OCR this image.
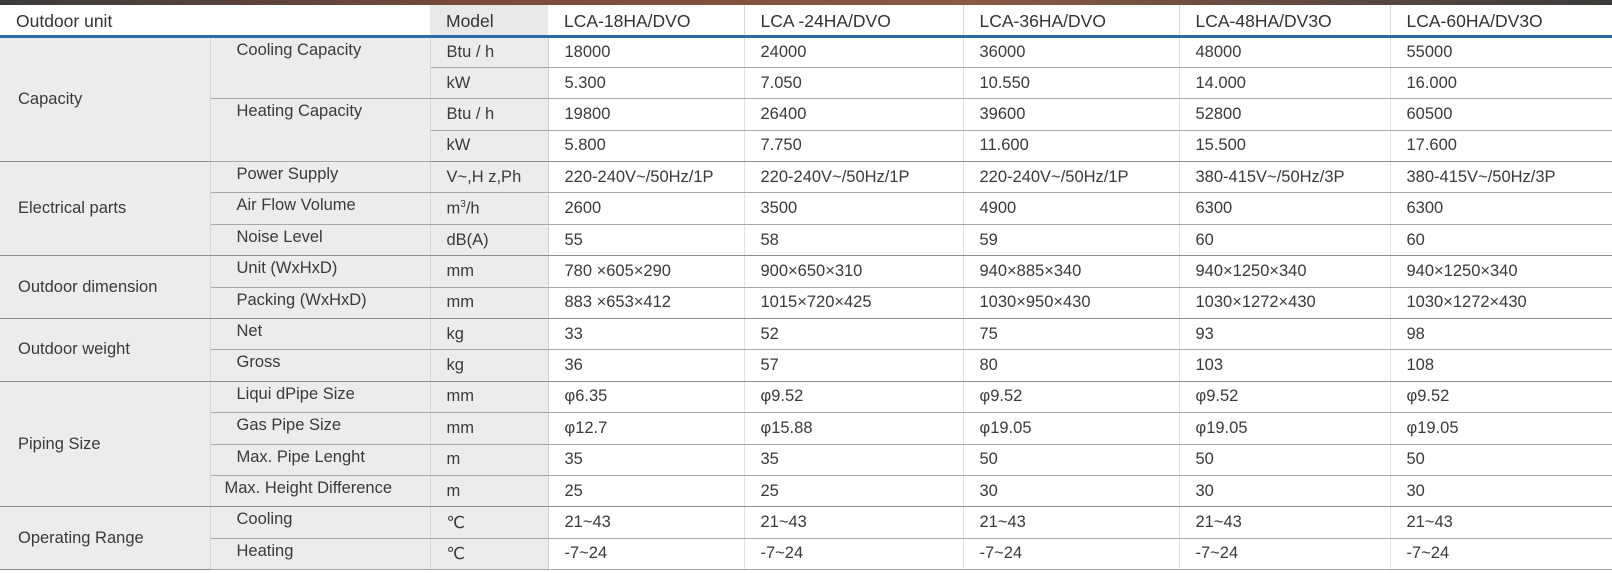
Outdoor unit		Model	LCA-18HA/DVO	LCA -24HA/DVO	LCA-36HA/DVO	LCA-48HA/DV3O	LCA-60HA/DV3O
Capacity	Cooling Capacity	Btu / h	18000	24000	36000	48000	55000
		kW	5.300	7.050	10.550	14.000	16.000
	Heating Capacity	Btu / h	19800	26400	39600	52800	60500
		kW	5.800	7.750	11.600	15.500	17.600
Electrical parts	Power Supply	V~,H z,Ph	220-240V~/50Hz/1P	220-240V~/50Hz/1P	220-240V~/50Hz/1P	380-415V~/50Hz/3P	380-415V~/50Hz/3P
	Air Flow Volume	$m^3/h$	2600	3500	4900	6300	6300
	Noise Level	dB(A)	55	58	59	60	60
Outdoor dimension	Unit (WxHxD)	mm	780 ×605×290	900×650×310	940×885×340	940×1250×340	940×1250×340
	Packing (WxHxD)	mm	883 ×653×412	1015×720×425	1030×950×430	1030×1272×430	1030×1272×430
Outdoor weight	Net	kg	33	52	75	93	98
	Gross	kg	36	57	80	103	108
Piping Size	Liqui dPipe Size	mm	φ6.35	φ9.52	φ9.52	φ9.52	φ9.52
	Gas Pipe Size	mm	φ12.7	φ15.88	φ19.05	φ19.05	φ19.05
	Max. Pipe Lenght	m	35	35	50	50	50
	Max. Height Difference	m	25	25	30	30	30
Operating Range	Cooling	℃	21~43	21~43	21~43	21~43	21~43
	Heating	℃	-7~24	-7~24	-7~24	-7~24	-7~24
